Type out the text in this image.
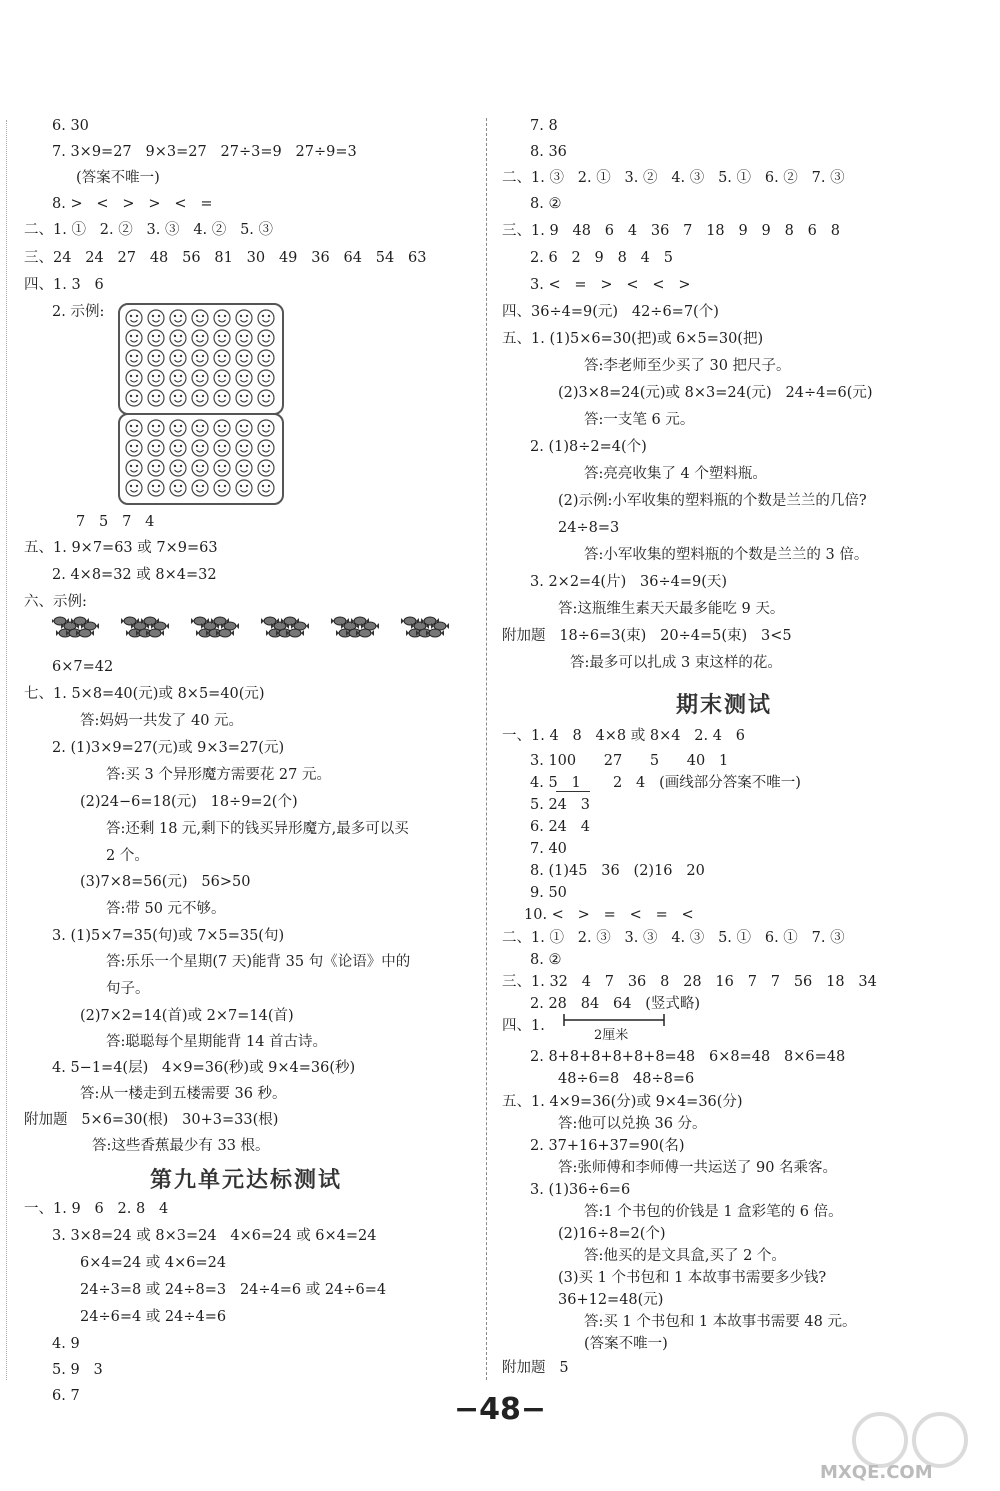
6. 30
7. 3×9=27   9×3=27   27÷3=9   27÷9=3
(答案不唯一)
8. >   <   >   >   <   =
二、1. ①   2. ②   3. ③   4. ②   5. ③
三、24   24   27   48   56   81   30   49   36   64   54   63
四、1. 3   6
2. 示例:
7   5   7   4
五、1. 9×7=63 或 7×9=63
2. 4×8=32 或 8×4=32
六、示例:
6×7=42
七、1. 5×8=40(元)或 8×5=40(元)
答:妈妈一共发了 40 元。
2. (1)3×9=27(元)或 9×3=27(元)
答:买 3 个异形魔方需要花 27 元。
(2)24−6=18(元)   18÷9=2(个)
答:还剩 18 元,剩下的钱买异形魔方,最多可以买
2 个。
(3)7×8=56(元)   56>50
答:带 50 元不够。
3. (1)5×7=35(句)或 7×5=35(句)
答:乐乐一个星期(7 天)能背 35 句《论语》中的
句子。
(2)7×2=14(首)或 2×7=14(首)
答:聪聪每个星期能背 14 首古诗。
4. 5−1=4(层)   4×9=36(秒)或 9×4=36(秒)
答:从一楼走到五楼需要 36 秒。
附加题   5×6=30(根)   30+3=33(根)
答:这些香蕉最少有 33 根。
第九单元达标测试
一、1. 9   6   2. 8   4
3. 3×8=24 或 8×3=24   4×6=24 或 6×4=24
6×4=24 或 4×6=24
24÷3=8 或 24÷8=3   24÷4=6 或 24÷6=4
24÷6=4 或 24÷4=6
4. 9
5. 9   3
6. 7
7. 8
8. 36
二、1. ③   2. ①   3. ②   4. ③   5. ①   6. ②   7. ③
8. ②
三、1. 9   48   6   4   36   7   18   9   9   8   6   8
2. 6   2   9   8   4   5
3. <   =   >   <   <   >
四、36÷4=9(元)   42÷6=7(个)
五、1. (1)5×6=30(把)或 6×5=30(把)
答:李老师至少买了 30 把尺子。
(2)3×8=24(元)或 8×3=24(元)   24÷4=6(元)
答:一支笔 6 元。
2. (1)8÷2=4(个)
答:亮亮收集了 4 个塑料瓶。
(2)示例:小军收集的塑料瓶的个数是兰兰的几倍?
24÷8=3
答:小军收集的塑料瓶的个数是兰兰的 3 倍。
3. 2×2=4(片)   36÷4=9(天)
答:这瓶维生素天天最多能吃 9 天。
附加题   18÷6=3(束)   20÷4=5(束)   3<5
答:最多可以扎成 3 束这样的花。
期末测试
一、1. 4   8   4×8 或 8×4   2. 4   6
3. 100      27      5      40   1
4. 5   1       2   4   (画线部分答案不唯一)
5. 24   3
6. 24   4
7. 40
8. (1)45   36   (2)16   20
9. 50
10. <   >   =   <   =   <
二、1. ①   2. ③   3. ③   4. ③   5. ①   6. ①   7. ③
8. ②
三、1. 32   4   7   36   8   28   16   7   7   56   18   34
2. 28   84   64   (竖式略)
四、1.
2厘米
2. 8+8+8+8+8+8=48   6×8=48   8×6=48
48÷6=8   48÷8=6
五、1. 4×9=36(分)或 9×4=36(分)
答:他可以兑换 36 分。
2. 37+16+37=90(名)
答:张师傅和李师傅一共运送了 90 名乘客。
3. (1)36÷6=6
答:1 个书包的价钱是 1 盒彩笔的 6 倍。
(2)16÷8=2(个)
答:他买的是文具盒,买了 2 个。
(3)买 1 个书包和 1 本故事书需要多少钱?
36+12=48(元)
答:买 1 个书包和 1 本故事书需要 48 元。
(答案不唯一)
附加题   5
−48−
MXQE.COM
